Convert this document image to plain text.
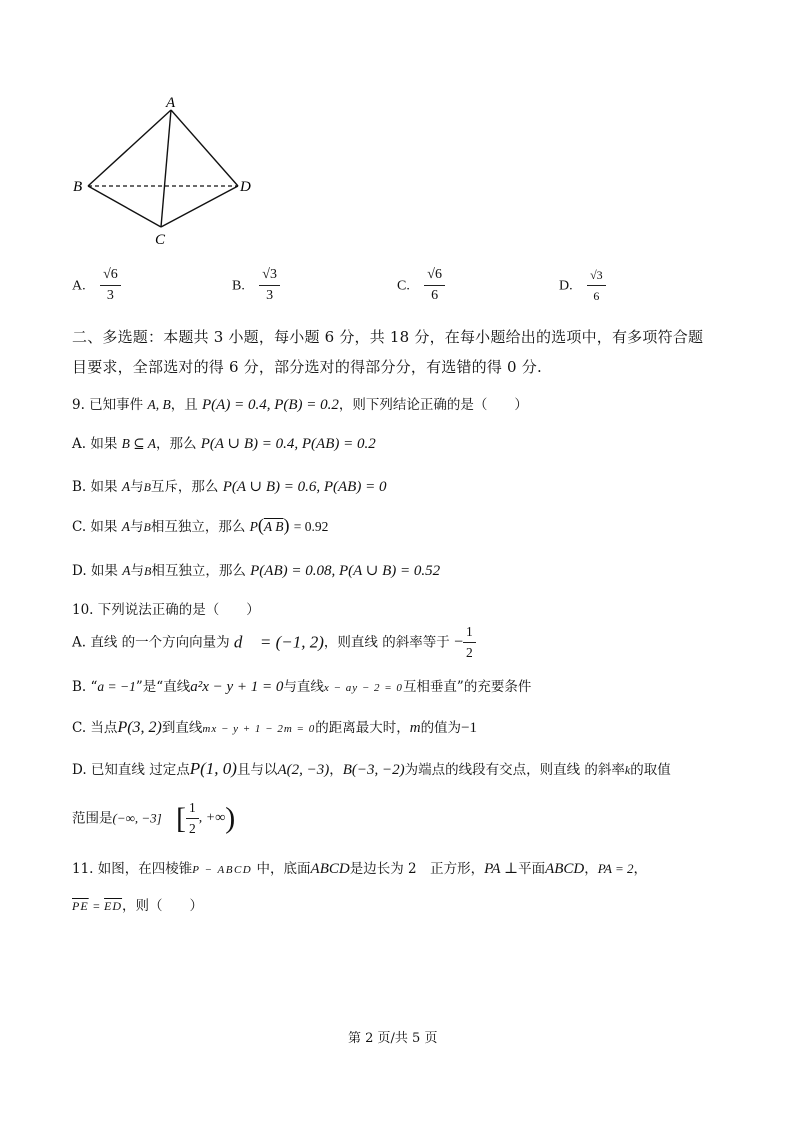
A
B
C
D
A. $\frac{√6}{3}$	B. $\frac{√3}{3}$	C. $\frac{√6}{6}$	D. $\frac{√3}{6}$
二、多选题：本题共 3 小题，每小题 6 分，共 18 分，在每小题给出的选项中，有多项符合题
目要求，全部选对的得 6 分，部分选对的得部分分，有选错的得 0 分.
9. 已知事件 A, B，且 P(A) = 0.4, P(B) = 0.2，则下列结论正确的是（　　）
A. 如果 B ⊆ A，那么 P(A ∪ B) = 0.4, P(AB) = 0.2
B. 如果 A与B互斥，那么 P(A ∪ B) = 0.6, P(AB) = 0
C. 如果 A与B相互独立，那么 P(A B) = 0.92
D. 如果 A与B相互独立，那么 P(AB) = 0.08, P(A ∪ B) = 0.52
10. 下列说法正确的是（　　）
A. 直线 的一个方向向量为 d⃗ = (−1, 2)，则直线 的斜率等于 − $\frac{1}{2}$
B. “a = −1”是“直线a²x − y + 1 = 0与直线x − ay − 2 = 0互相垂直”的充要条件
C. 当点P(3, 2)到直线mx − y + 1 − 2m = 0的距离最大时，m的值为−1
D. 已知直线 过定点P(1, 0)且与以A(2, −3)，B(−3, −2)为端点的线段有交点，则直线 的斜率k的取值
范围是(−∞, −3] [ $\frac{1}{2}$ , +∞)
11. 如图，在四棱锥P − ABCD 中，底面ABCD是边长为 2　正方形，PA ⊥平面ABCD，PA = 2，
$\overline{PE} = \overline{ED}$，则（　　）
第 2 页/共 5 页
